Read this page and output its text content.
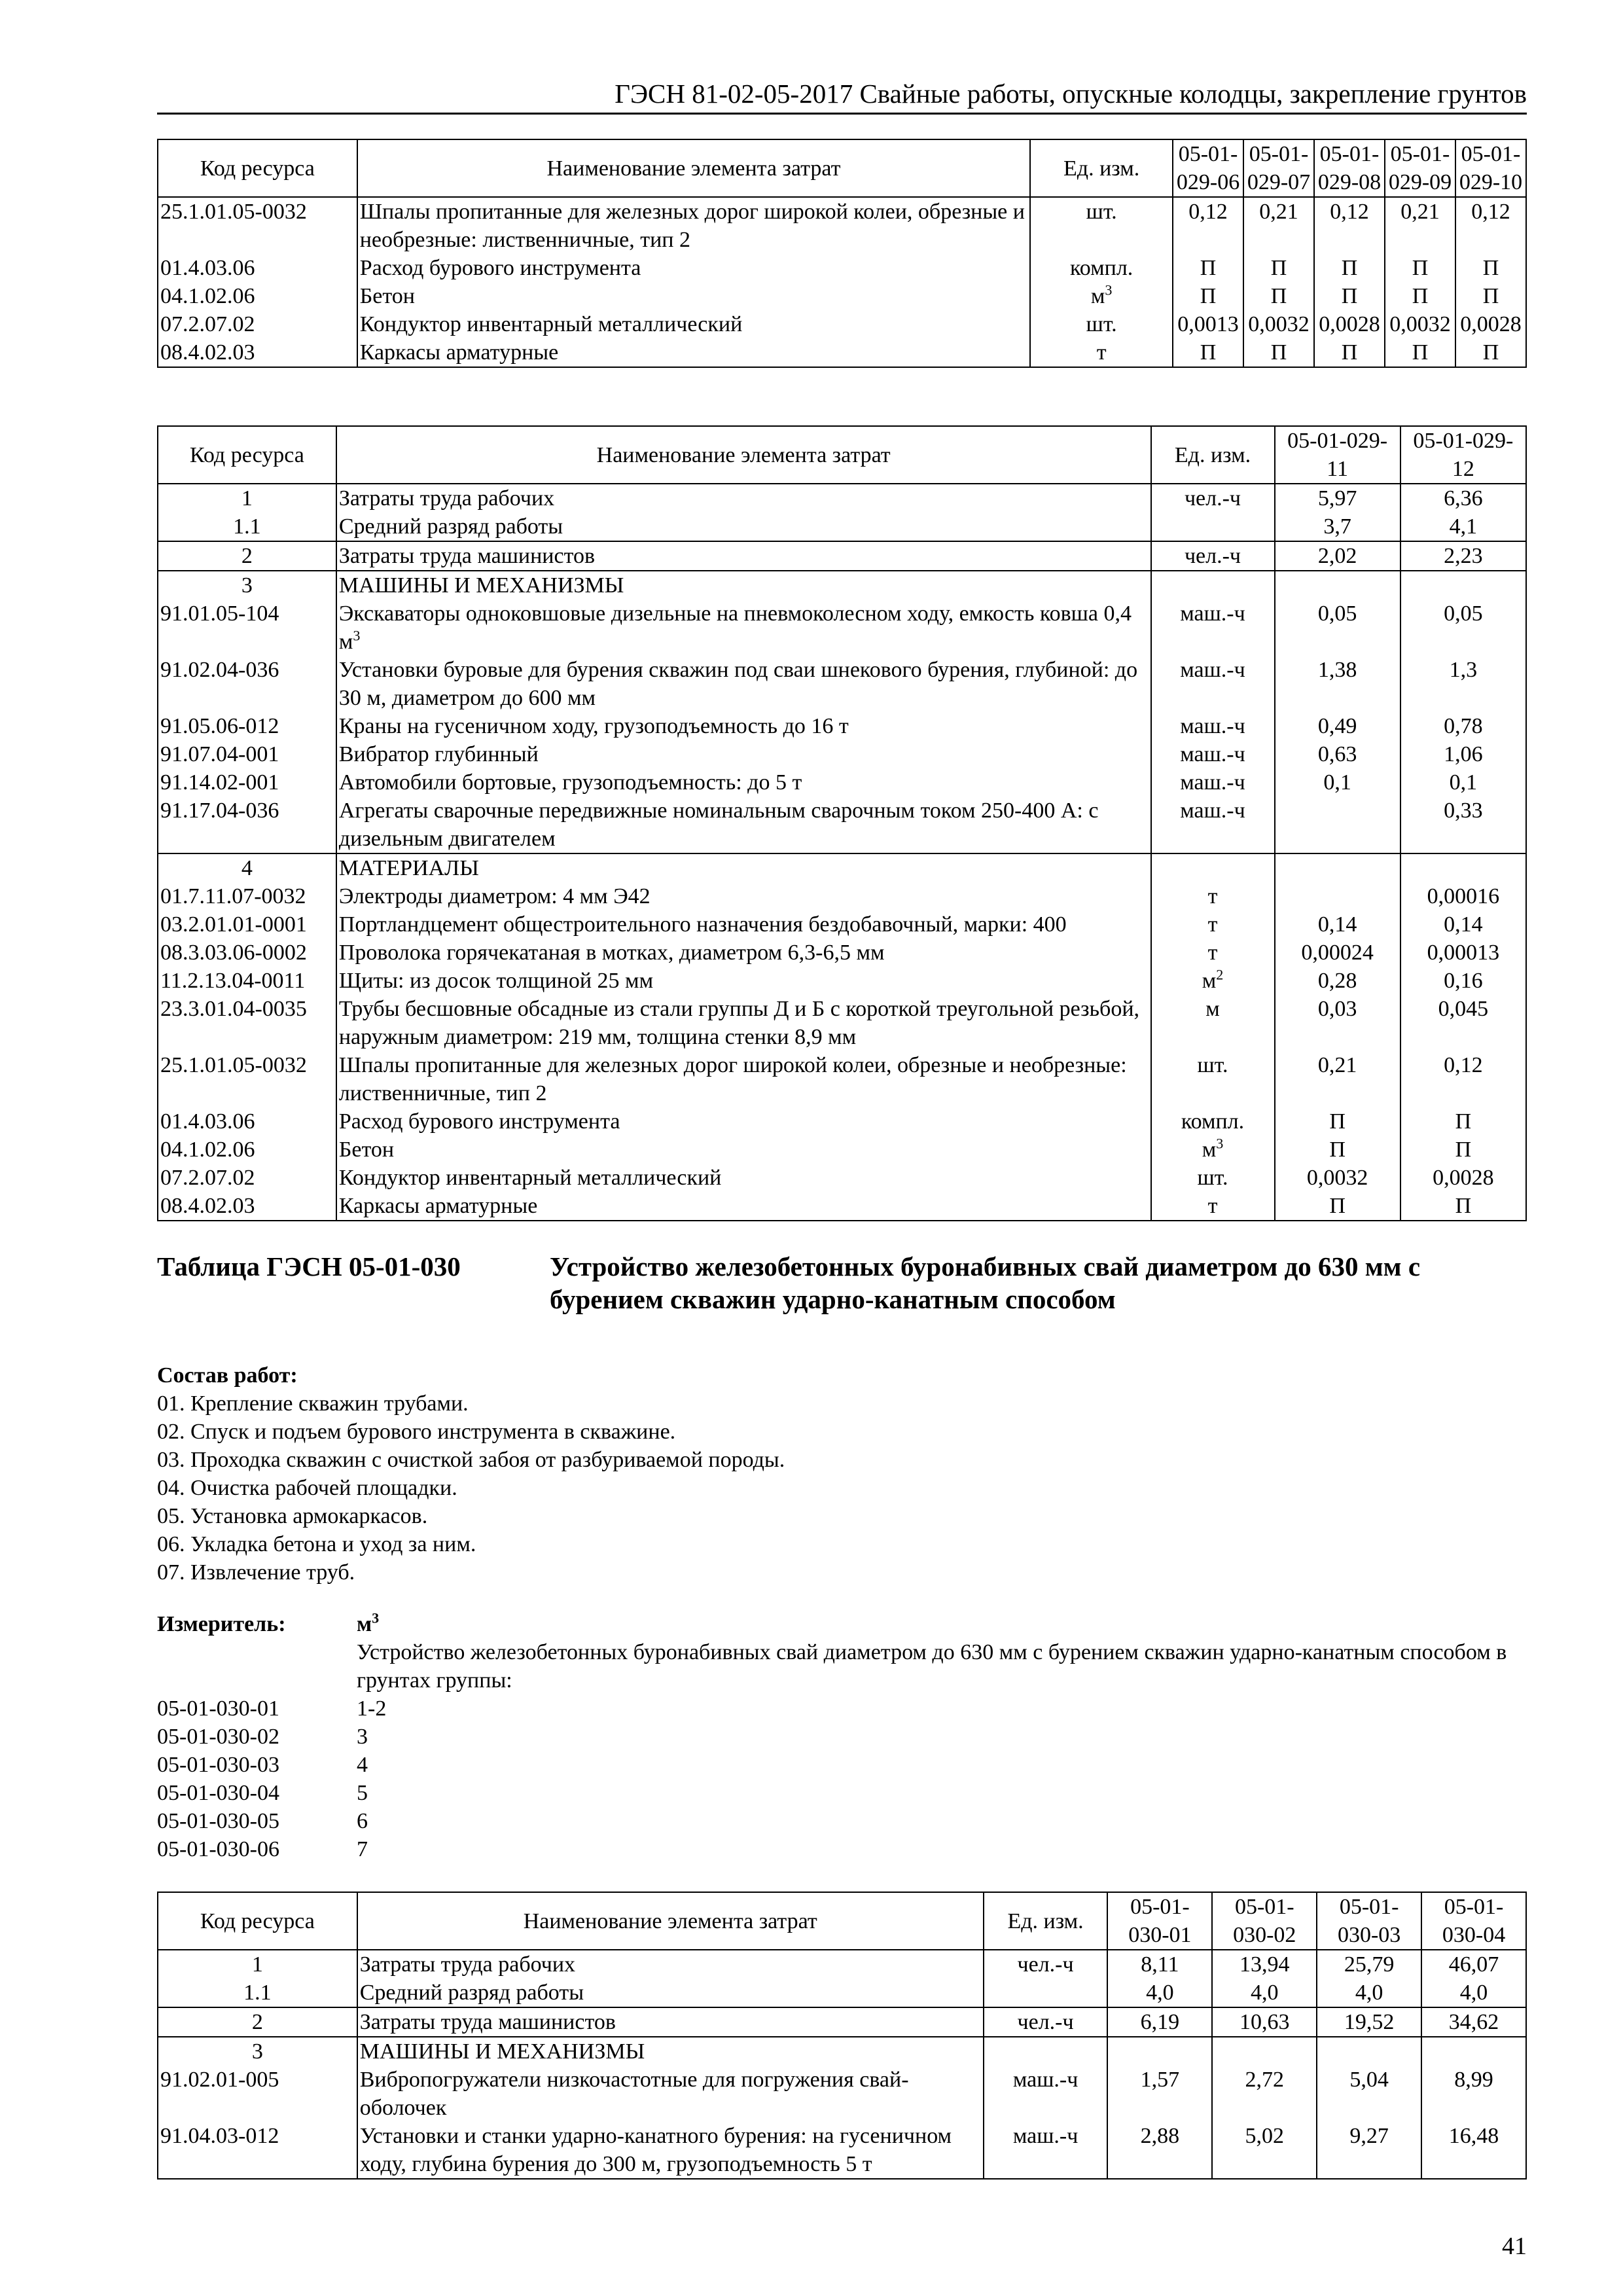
ГЭСН 81-02-05-2017 Свайные работы, опускные колодцы, закрепление грунтов
Код ресурса	Наименование элемента затрат	Ед. изм.	05-01-029-06	05-01-029-07	05-01-029-08	05-01-029-09	05-01-029-10
25.1.01.05-0032	Шпалы пропитанные для железных дорог широкой колеи, обрезные и необрезные: лиственничные, тип 2	шт.	0,12	0,21	0,12	0,21	0,12
01.4.03.06	Расход бурового инструмента	компл.	П	П	П	П	П
04.1.02.06	Бетон	$м^3$	П	П	П	П	П
07.2.07.02	Кондуктор инвентарный металлический	шт.	0,0013	0,0032	0,0028	0,0032	0,0028
08.4.02.03	Каркасы арматурные	т	П	П	П	П	П
Код ресурса	Наименование элемента затрат	Ед. изм.	05-01-029-11	05-01-029-12
1	Затраты труда рабочих	чел.-ч	5,97	6,36
1.1	Средний разряд работы		3,7	4,1
2	Затраты труда машинистов	чел.-ч	2,02	2,23
3	МАШИНЫ И МЕХАНИЗМЫ			
91.01.05-104	Экскаваторы одноковшовые дизельные на пневмоколесном ходу, емкость ковша 0,4 $м^3$	маш.-ч	0,05	0,05
91.02.04-036	Установки буровые для бурения скважин под сваи шнекового бурения, глубиной: до 30 м, диаметром до 600 мм	маш.-ч	1,38	1,3
91.05.06-012	Краны на гусеничном ходу, грузоподъемность до 16 т	маш.-ч	0,49	0,78
91.07.04-001	Вибратор глубинный	маш.-ч	0,63	1,06
91.14.02-001	Автомобили бортовые, грузоподъемность: до 5 т	маш.-ч	0,1	0,1
91.17.04-036	Агрегаты сварочные передвижные номинальным сварочным током 250-400 А: с дизельным двигателем	маш.-ч		0,33
4	МАТЕРИАЛЫ			
01.7.11.07-0032	Электроды диаметром: 4 мм Э42	т		0,00016
03.2.01.01-0001	Портландцемент общестроительного назначения бездобавочный, марки: 400	т	0,14	0,14
08.3.03.06-0002	Проволока горячекатаная в мотках, диаметром 6,3-6,5 мм	т	0,00024	0,00013
11.2.13.04-0011	Щиты: из досок толщиной 25 мм	$м^2$	0,28	0,16
23.3.01.04-0035	Трубы бесшовные обсадные из стали группы Д и Б с короткой треугольной резьбой, наружным диаметром: 219 мм, толщина стенки 8,9 мм	м	0,03	0,045
25.1.01.05-0032	Шпалы пропитанные для железных дорог широкой колеи, обрезные и необрезные: лиственничные, тип 2	шт.	0,21	0,12
01.4.03.06	Расход бурового инструмента	компл.	П	П
04.1.02.06	Бетон	$м^3$	П	П
07.2.07.02	Кондуктор инвентарный металлический	шт.	0,0032	0,0028
08.4.02.03	Каркасы арматурные	т	П	П
Таблица ГЭСН 05-01-030	Устройство железобетонных буронабивных свай диаметром до 630 мм с бурением скважин ударно-канатным способом
Состав работ:
01. Крепление скважин трубами.
02. Спуск и подъем бурового инструмента в скважине.
03. Проходка скважин с очисткой забоя от разбуриваемой породы.
04. Очистка рабочей площадки.
05. Установка армокаркасов.
06. Укладка бетона и уход за ним.
07. Извлечение труб.
Измеритель:	$м^3$
Устройство железобетонных буронабивных свай диаметром до 630 мм с бурением скважин ударно-канатным способом в грунтах группы:
05-01-030-01	1-2
05-01-030-02	3
05-01-030-03	4
05-01-030-04	5
05-01-030-05	6
05-01-030-06	7
Код ресурса	Наименование элемента затрат	Ед. изм.	05-01-030-01	05-01-030-02	05-01-030-03	05-01-030-04
1	Затраты труда рабочих	чел.-ч	8,11	13,94	25,79	46,07
1.1	Средний разряд работы		4,0	4,0	4,0	4,0
2	Затраты труда машинистов	чел.-ч	6,19	10,63	19,52	34,62
3	МАШИНЫ И МЕХАНИЗМЫ					
91.02.01-005	Вибропогружатели низкочастотные для погружения свай-оболочек	маш.-ч	1,57	2,72	5,04	8,99
91.04.03-012	Установки и станки ударно-канатного бурения: на гусеничном ходу, глубина бурения до 300 м, грузоподъемность 5 т	маш.-ч	2,88	5,02	9,27	16,48
41
